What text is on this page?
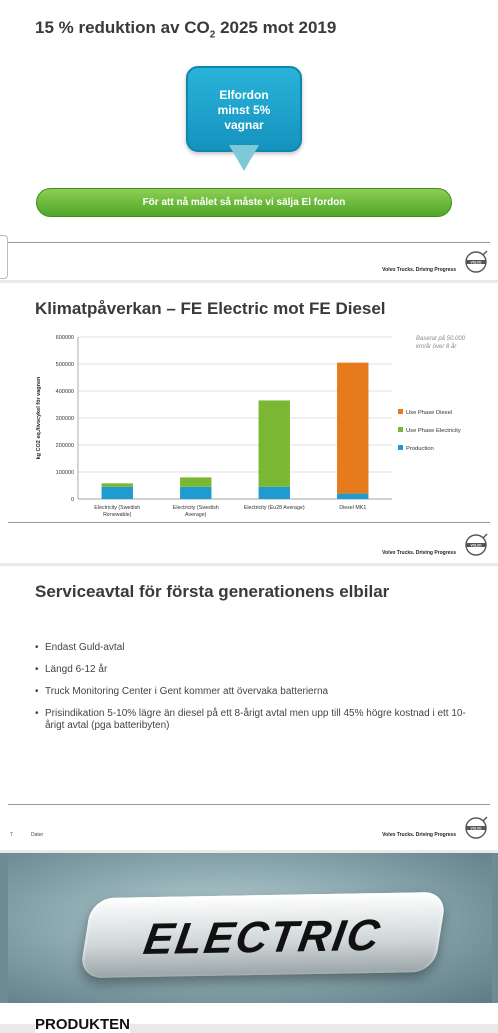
15 % reduktion av $CO_2$ 2025 mot 2019
Elfordon
minst 5%
vagnar
För att nå målet så måste vi sälja El fordon
Volvo Trucks. Driving Progress
VOLVO
Klimatpåverkan – FE Electric mot FE Diesel
0
100000
200000
300000
400000
500000
600000
kg CO2 eq./livscykel för vagnen
Electricity (Swedish
Renewable)
Electricity (Swedish
Average)
Electricity (Eu28 Average)	Diesel MK1
Use Phase Diesel
Use Phase Electricity
Production
Volvo Trucks. Driving Progress
VOLVO
Baserat på 50.000 km/år över 8 år
Serviceavtal för första generationens elbilar
• Endast Guld-avtal
• Längd 6-12 år
• Truck Monitoring Center i Gent kommer att övervaka batterierna
• Prisindikation 5-10% lägre än diesel på ett 8-årigt avtal men upp till 45% högre kostnad i ett 10-årigt avtal (pga batteribyten)
7	Dater	Volvo Trucks. Driving Progress
VOLVO
ELECTRIC
PRODUKTEN
